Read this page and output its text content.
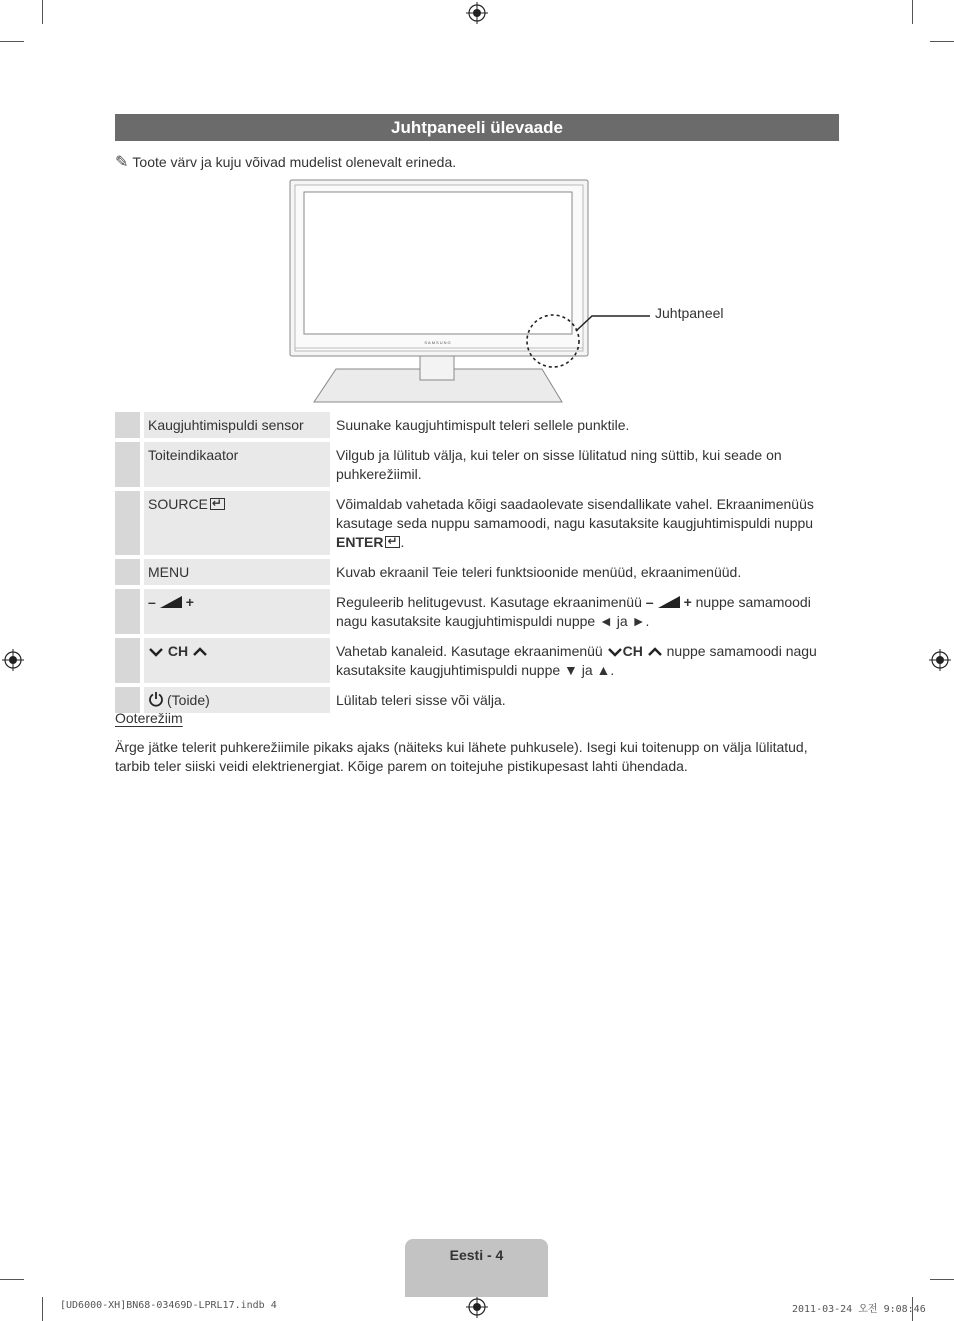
Juhtpaneeli ülevaade
✎ Toote värv ja kuju võivad mudelist olenevalt erineda.
SAMSUNG
Juhtpaneel
	Kaugjuhtimispuldi sensor	Suunake kaugjuhtimispult teleri sellele punktile.
	Toiteindikaator	Vilgub ja lülitub välja, kui teler on sisse lülitatud ning süttib, kui seade on puhkerežiimil.
	SOURCE↵	Võimaldab vahetada kõigi saadaolevate sisendallikate vahel. Ekraanimenüüs kasutage seda nuppu samamoodi, nagu kasutaksite kaugjuhtimispuldi nuppu ENTER ↵ .
	MENU	Kuvab ekraanil Teie teleri funktsioonide menüüd, ekraanimenüüd.
	– +	Reguleerib helitugevust. Kasutage ekraanimenüü – + nuppe samamoodi nagu kasutaksite kaugjuhtimispuldi nuppe ◄ ja ►.
	CH	Vahetab kanaleid. Kasutage ekraanimenüü CH nuppe samamoodi nagu kasutaksite kaugjuhtimispuldi nuppe ▼ ja ▲.
	(Toide)	Lülitab teleri sisse või välja.
Ooterežiim
Ärge jätke telerit puhkerežiimile pikaks ajaks (näiteks kui lähete puhkusele). Isegi kui toitenupp on välja lülitatud, tarbib teler siiski veidi elektrienergiat. Kõige parem on toitejuhe pistikupesast lahti ühendada.
Eesti - 4
[UD6000-XH]BN68-03469D-LPRL17.indb 4	2011-03-24 오전 9:08:46
